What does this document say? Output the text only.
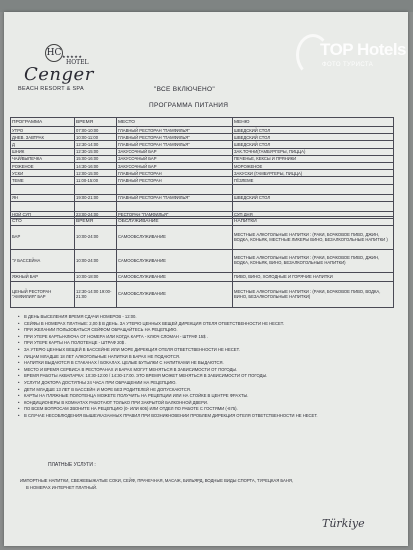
HC ★★★★★
HOTEL
Cenger
BEACH RESORT & SPA	"ВСЕ ВКЛЮЧЕНО"
ПРОГРАММА ПИТАНИЯ
ПРОГРАММА	ВРЕМЯ	МЕСТО	МЕНЮ
УТРО	07:00-10:00	ГЛАВНЫЙ РЕСТОРАН "ПАМФИЛЬЯ"	ШВЕДСКИЙ СТОЛ
ДНЕВ. ЗАВТРАК	10:00-11:00	ГЛАВНЫЙ РЕСТОРАН "ПАМФИЛЬЯ"	ШВЕДСКИЙ СТОЛ
Д	12:30-14:00	ГЛАВНЫЙ РЕСТОРАН "ПАМФИЛЬЯ"	ШВЕДСКИЙ СТОЛ
ШНИК	12:30-15:00	ЗАКУСОЧНЫЙ БАР	ЗАК.ТОЧНИ(ГАМБУРГЕРЫ, ПИЦЦА)
ЧАЙ/ВЫПЕЧКА	15:00-16:00	ЗАКУСОЧНЫЙ БАР	ПЕЧЕНЬЕ, КЕКСЫ И ПРЯНИКИ
РОЖЕНОЕ	14:30-16:00	ЗАКУСОЧНЫЙ БАР	МОРОЖЕНОЕ
УСКИ	12:00-15:00	ГЛАВНЫЙ РЕСТОРАН	ЗАКУСКИ (ГАМБУРГЕРЫ, ПИЦЦА)
ТЕМЕ	11:00-15:00	ГЛАВНЫЙ РЕСТОРАН	ГЁЗЛЕМЕ

ЯН	19:00-21:00	ГЛАВНЫЙ РЕСТОРАН "ПАМФИЛЬЯ"	ШВЕДСКИЙ СТОЛ

НОЙ СУП	23:00-24:00	РЕСТОРАН "ПАМФИЛЬЯ"	СУП ДНЯ
СТО	ВРЕМЯ	ОБСЛУЖИВАНИЕ	НАПИТКИ
БАР	10:00-24:00	САМООБСЛУЖИВАНИЕ	МЕСТНЫЕ АЛКОГОЛЬНЫЕ НАПИТКИ : (РАКИ, БОЧКОВОЕ ПИВО, ДЖИН, ВОДКА, КОНЬЯК, МЕСТНЫЕ ЛИКЕРЫ ВИНО, БЕЗАЛКОГОЛЬНЫЕ НАПИТКИ )
"У БАССЕЙНА	10:00-24:00	САМООБСЛУЖИВАНИЕ	МЕСТНЫЕ АЛКОГОЛЬНЫЕ НАПИТКИ : (РАКИ, БОЧКОВОЕ ПИВО, ДЖИН, ВОДКА, КОНЬЯК, ВИНО, БЕЗАЛКОГОЛЬНЫЕ НАПИТКИ)
ЯЖНЫЙ БАР	10:00-18:00	САМООБСЛУЖИВАНИЕ	ПИВО, ВИНО, ХОЛОДНЫЕ И ГОРЯЧИЕ НАПИТКИ
ЦЕНЫЙ РЕСТОРАН "АМФИЛИЯ" БАР	12:30-14:00 19:00-21:00	САМООБСЛУЖИВАНИЕ	МЕСТНЫЕ АЛКОГОЛЬНЫЕ НАПИТКИ : (РАКИ, БОЧКОВОЕ ПИВО, ВОДКА, ВИНО, БЕЗАЛКОГОЛЬНЫЕ НАПИТКИ)
• В ДЕНЬ ВЫСЕЛЕНИЯ ВРЕМЯ СДАЧИ НОМЕРОВ - 12:00.
• СЕЙФЫ В НОМЕРАХ ПЛАТНЫЕ: 2,00 $ В ДЕНЬ. ЗА УТЕРЮ ЦЕННЫХ ВЕЩЕЙ ДИРЕКЦИЯ ОТЕЛЯ ОТВЕТСТВЕННОСТИ НЕ НЕСЕТ.
• ПРИ ЖЕЛАНИИ ПОЛЬЗОВАТЬСЯ СЕЙФОМ ОБРАЩАЙТЕСЬ НА РЕЦЕПЦИЮ.
• ПРИ УТЕРЕ КАРТЫ-КЛЮЧА ОТ НОМЕРА ИЛИ КОГДА КАРТА - КЛЮЧ СЛОМАН - ШТРАФ 15$ .
• ПРИ УТЕРЕ КАРТЫ НА ПОЛОТЕНЦЕ - ШТРАФ 20$ .
• ЗА УТЕРЮ ЦЕННЫХ ВЕЩЕЙ В БАССЕЙНЕ ИЛИ МОРЕ ДИРЕКЦИЯ ОТЕЛЯ ОТВЕТСТВЕННОСТИ НЕ НЕСЕТ.
• ЛИЦАМ МЛАДШЕ 18 ЛЕТ АЛКОГОЛЬНЫЕ НАПИТКИ В БАРАХ НЕ ПОДАЮТСЯ.
• НАПИТКИ ВЫДАЮТСЯ В СТАКАНАХ / БОКАЛАХ. ЦЕЛЫЕ БУТЫЛКИ С НАПИТКАМИ НЕ ВЫДАЮТСЯ.
• МЕСТО И ВРЕМЯ СЕРВИСА В РЕСТОРАНАХ И БАРАХ МОГУТ МЕНЯТЬСЯ В ЗАВИСИМОСТИ ОТ ПОГОДЫ.
• ВРЕМЯ РАБОТЫ АКВАПАРКА: 10:30-12:00 / 14:30-17:00. ЭТО ВРЕМЯ МОЖЕТ МЕНЯТЬСЯ В ЗАВИСИМОСТИ ОТ ПОГОДЫ.
• УСЛУГИ ДОКТОРА ДОСТУПНЫ 24 ЧАСА ПРИ ОБРАЩЕНИИ НА РЕЦЕПЦИЮ.
• ДЕТИ МЛАДШЕ 13 ЛЕТ В БАССЕЙН И МОРЕ БЕЗ РОДИТЕЛЕЙ НЕ ДОПУСКАЮТСЯ.
• КАРТЫ НА ПЛЯЖНЫЕ ПОЛОТЕНЦА МОЖЕТЕ ПОЛУЧИТЬ НА РЕЦЕПЦИИ ИЛИ НА СТОЙКЕ В ЦЕНТРЕ ФРАХТЫ.
• КОНДИЦИОНЕРЫ В КОМНАТАХ РАБОТАЮТ ТОЛЬКО ПРИ ЗАКРЫТОЙ БАЛКОННОЙ ДВЕРИ.
• ПО ВСЕМ ВОПРОСАМ ЗВОНИТЕ НА РЕЦЕПЦИЮ (0- ИЛИ 605) ИЛИ ОТДЕЛ ПО РАБОТЕ С ГОСТЯМИ (-675).
• В СЛУЧАЕ НЕСОБЛЮДЕНИЯ ВЫШЕУКАЗАННЫХ ПРАВИЛ ПРИ ВОЗНИКНОВЕНИИ ПРОБЛЕМ ДИРЕКЦИЯ ОТЕЛЯ ОТВЕТСТВЕННОСТИ НЕ НЕСЕТ.
ПЛАТНЫЕ УСЛУГИ :
ИМПОРТНЫЕ НАПИТКИ, СВЕЖЕВЫЖАТЫЕ СОКИ, СЕЙФ, ПРАЧЕЧНАЯ, МАСАЖ, БИЛЬЯРД, ВОДНЫЕ ВИДЫ СПОРТА, ТУРЕЦКАЯ БАНЯ,
В НОМЕРАХ ИНТЕРНЕТ ПЛАТНЫЙ.
Türkiye
TOP Hotels
ФОТО ТУРИСТА
